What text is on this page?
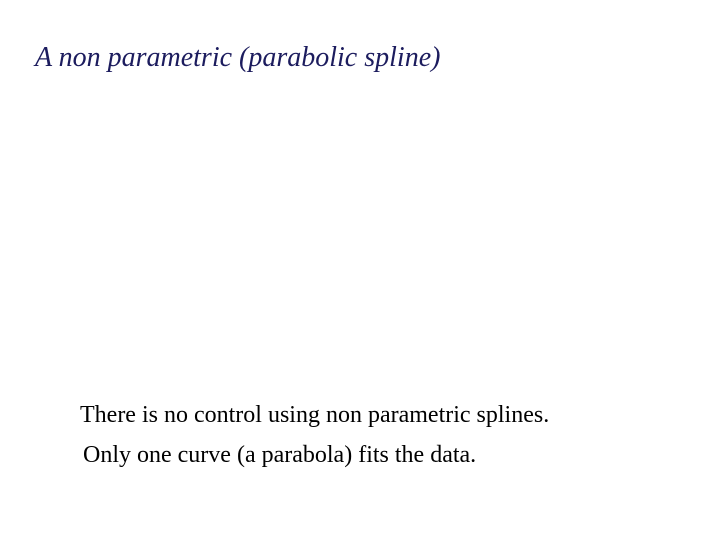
A non parametric (parabolic spline)
There is no control using non parametric splines.
Only one curve (a parabola) fits the data.
